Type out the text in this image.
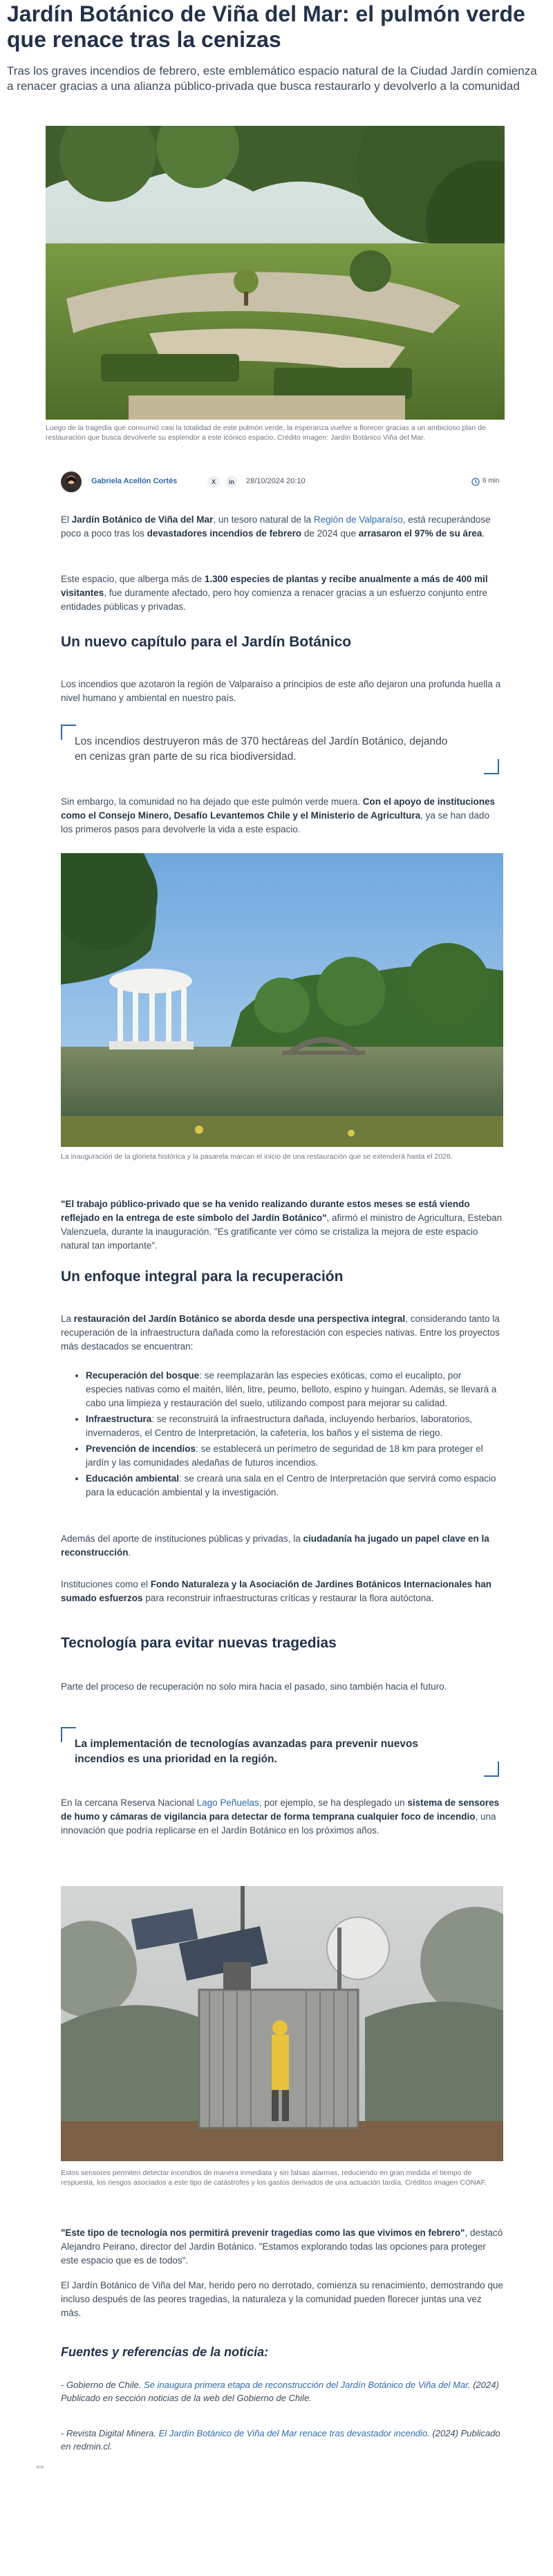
Jardín Botánico de Viña del Mar: el pulmón verde que renace tras la cenizas

Tras los graves incendios de febrero, este emblemático espacio natural de la Ciudad Jardín comienza a renacer gracias a una alianza público-privada que busca restaurarlo y devolverlo a la comunidad

Luego de la tragedia que consumió casi la totalidad de este pulmón verde, la esperanza vuelve a florecer gracias a un ambicioso plan de restauración que busca devolverle su esplendor a este icónico espacio. Crédito imagen: Jardín Botánico Viña del Mar.

Gabriela Acellón Cortés	X	in	28/10/2024 20:10	6 min

El Jardín Botánico de Viña del Mar, un tesoro natural de la Región de Valparaíso, está recuperándose poco a poco tras los devastadores incendios de febrero de 2024 que arrasaron el 97% de su área.

Este espacio, que alberga más de 1.300 especies de plantas y recibe anualmente a más de 400 mil visitantes, fue duramente afectado, pero hoy comienza a renacer gracias a un esfuerzo conjunto entre entidades públicas y privadas.

Un nuevo capítulo para el Jardín Botánico

Los incendios que azotaron la región de Valparaíso a principios de este año dejaron una profunda huella a nivel humano y ambiental en nuestro país.

Los incendios destruyeron más de 370 hectáreas del Jardín Botánico, dejando en cenizas gran parte de su rica biodiversidad.

Sin embargo, la comunidad no ha dejado que este pulmón verde muera. Con el apoyo de instituciones como el Consejo Minero, Desafío Levantemos Chile y el Ministerio de Agricultura, ya se han dado los primeros pasos para devolverle la vida a este espacio.

La inauguración de la glorieta histórica y la pasarela marcan el inicio de una restauración que se extenderá hasta el 2026.

"El trabajo público-privado que se ha venido realizando durante estos meses se está viendo reflejado en la entrega de este símbolo del Jardín Botánico", afirmó el ministro de Agricultura, Esteban Valenzuela, durante la inauguración. "Es gratificante ver cómo se cristaliza la mejora de este espacio natural tan importante".

Un enfoque integral para la recuperación

La restauración del Jardín Botánico se aborda desde una perspectiva integral, considerando tanto la recuperación de la infraestructura dañada como la reforestación con especies nativas. Entre los proyectos más destacados se encuentran:

• Recuperación del bosque: se reemplazarán las especies exóticas, como el eucalipto, por especies nativas como el maitén, lilén, litre, peumo, belloto, espino y huingan. Además, se llevará a cabo una limpieza y restauración del suelo, utilizando compost para mejorar su calidad.
• Infraestructura: se reconstruirá la infraestructura dañada, incluyendo herbarios, laboratorios, invernaderos, el Centro de Interpretación, la cafetería, los baños y el sistema de riego.
• Prevención de incendios: se establecerá un perímetro de seguridad de 18 km para proteger el jardín y las comunidades aledañas de futuros incendios.
• Educación ambiental: se creará una sala en el Centro de Interpretación que servirá como espacio para la educación ambiental y la investigación.

Además del aporte de instituciones públicas y privadas, la ciudadanía ha jugado un papel clave en la reconstrucción.

Instituciones como el Fondo Naturaleza y la Asociación de Jardines Botánicos Internacionales han sumado esfuerzos para reconstruir infraestructuras críticas y restaurar la flora autóctona.

Tecnología para evitar nuevas tragedias

Parte del proceso de recuperación no solo mira hacia el pasado, sino también hacia el futuro.

La implementación de tecnologías avanzadas para prevenir nuevos incendios es una prioridad en la región.

En la cercana Reserva Nacional Lago Peñuelas, por ejemplo, se ha desplegado un sistema de sensores de humo y cámaras de vigilancia para detectar de forma temprana cualquier foco de incendio, una innovación que podría replicarse en el Jardín Botánico en los próximos años.

Estos sensores permiten detectar incendios de manera inmediata y sin falsas alarmas, reduciendo en gran medida el tiempo de respuesta, los riesgos asociados a este tipo de catástrofes y los gastos derivados de una actuación tardía. Créditos imagen CONAF.

"Este tipo de tecnología nos permitirá prevenir tragedias como las que vivimos en febrero", destacó Alejandro Peirano, director del Jardín Botánico. "Estamos explorando todas las opciones para proteger este espacio que es de todos".

El Jardín Botánico de Viña del Mar, herido pero no derrotado, comienza su renacimiento, demostrando que incluso después de las peores tragedias, la naturaleza y la comunidad pueden florecer juntas una vez más.

Fuentes y referencias de la noticia:

- Gobierno de Chile. Se inaugura primera etapa de reconstrucción del Jardín Botánico de Viña del Mar. (2024) Publicado en sección noticias de la web del Gobierno de Chile.

- Revista Digital Minera. El Jardín Botánico de Viña del Mar renace tras devastador incendio. (2024) Publicado en redmin.cl.

==
